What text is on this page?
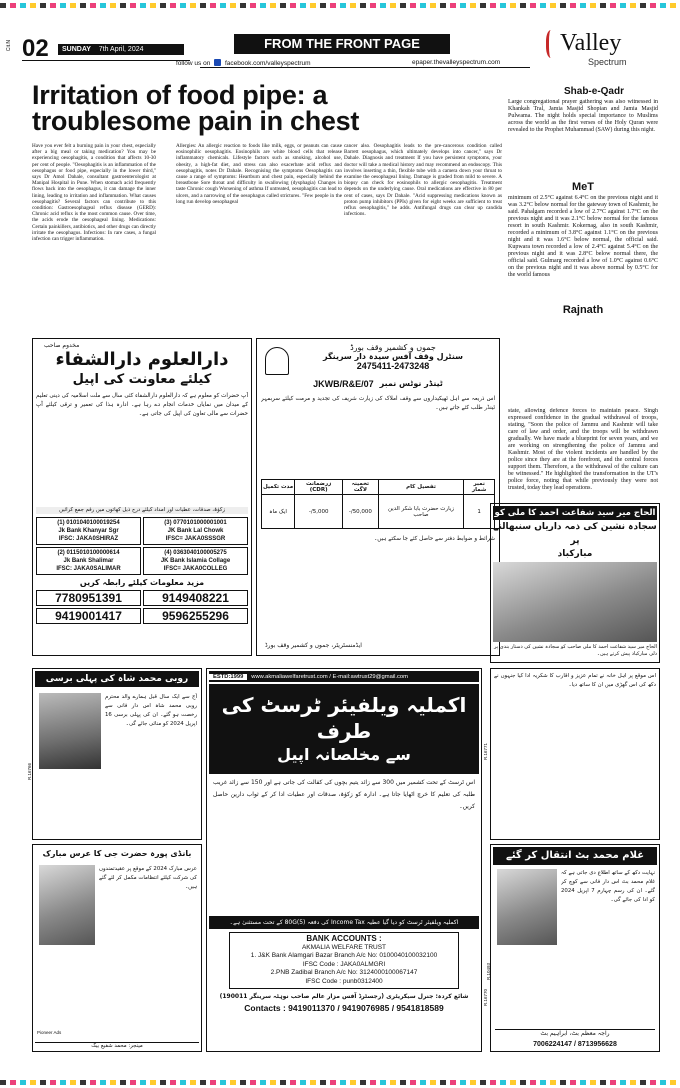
Cit.N 02	SUNDAY 7th April, 2024	FROM THE FRONT PAGE
follow us on facebook.com/valleyspectrum	epaper.thevalleyspectrum.com
Valley
Spectrum
Irritation of food pipe: a
troublesome pain in chest
Have you ever felt a burning pain in your chest, especially after a big meal or taking medication? You may be experiencing oesophagitis, a condition that affects 10-30 per cent of people. "Oesophagitis is an inflammation of the oesophagus or food pipe, especially in the lower third," says Dr Amol Dahale, consultant gastroenterologist at Manipal Hospital in Pune. When stomach acid frequently flows back into the oesophagus, it can damage the inner lining, leading to irritation and inflammation. What causes oesophagitis? Several factors can contribute to this condition: Gastroesophageal reflux disease (GERD): Chronic acid reflux is the most common cause. Over time, the acids erode the oesophageal lining. Medications: Certain painkillers, antibiotics, and other drugs can directly irritate the oesophagus. Infections: In rare cases, a fungal infection can trigger inflammation.
Allergies: An allergic reaction to foods like milk, eggs, or peanuts can cause eosinophilic oesophagitis. Eosinophils are white blood cells that release inflammatory chemicals. Lifestyle factors such as smoking, alcohol use, obesity, a high-fat diet, and stress can also exacerbate acid reflux and oesophagitis, notes Dr Dahale. Recognising the symptoms Oesophagitis can cause a range of symptoms: Heartburn and chest pain, especially behind the breastbone Sore throat and difficulty in swallowing (dysphagia) Changes in taste Chronic cough Worsening of asthma If untreated, oesophagitis can lead to ulcers, and a narrowing of the oesophagus called strictures. "Few people in the long run develop oesophageal
cancer also. Oesophagitis leads to the pre-cancerous condition called Barrett oesophagus, which ultimately develops into cancer," says Dr Dahale. Diagnosis and treatment If you have persistent symptoms, your doctor will take a medical history and may recommend an endoscopy. This involves inserting a thin, flexible tube with a camera down your throat to examine the oesophageal lining. Damage is graded from mild to severe. A biopsy can check for eosinophils to allergic oesophagitis. Treatment depends on the underlying cause. Oral medications are effective in 80 per cent of cases, says Dr Dahale. "Acid suppressing medications known as proton pump inhibitors (PPIs) given for eight weeks are sufficient to treat reflux oesophagitis," he adds. Antifungal drugs can clear up candida infections.
Shab-e-Qadr
Large congregational prayer gathering was also witnessed in Khankah Tral, Jamia Masjid Shopian and Jamia Masjid Pulwama. The night holds special importance to Muslims across the world as the first verses of the Holy Quran were revealed to the Prophet Muhammad (SAW) during this night.
MeT
minimum of 2.5°C against 6.4°C on the previous night and it was 3.2°C below normal for the gateway town of Kashmir, he said. Pahalgam recorded a low of 2.7°C against 1.7°C on the previous night and it was 2.1°C below normal for the famous resort in south Kashmir. Kokernag, also in south Kashmir, recorded a minimum of 3.8°C against 1.1°C on the previous night and it was 1.6°C below normal, the official said. Kupwara town recorded a low of 2.4°C against 5.4°C on the previous night and it was 2.8°C below normal there, the official said. Gulmarg recorded a low of 1.0°C against 0.6°C on the previous night and it was above normal by 0.5°C for the world famous
Rajnath
state, allowing defence forces to maintain peace. Singh expressed confidence in the gradual withdrawal of troops, stating, "Soon the police of Jammu and Kashmir will take care of law and order, and the troops will be withdrawn gradually. We have made a blueprint for seven years, and we are working on strengthening the police of Jammu and Kashmir. Most of the violent incidents are handled by the police since they are at the forefront, and the central forces support them. Therefore, a the withdrawal of the culture can be witnessed." He highlighted the transformation in the UT's police force, noting that while previously they were not trusted, today they lead operations.
مخدوم صاحب
دارالعلوم دارالشفاء
کیلئے معاونت کی اپیل
آپ حضرات کو معلوم ہے کہ دارالعلوم دارالشفاء کئی سال سے ملت اسلامیہ کی دینی تعلیم کے میدان میں نمایاں خدمات انجام دے رہا ہے۔ ادارہ ہذا کی تعمیر و ترقی کیلئے آپ حضرات سے مالی تعاون کی اپیل کی جاتی ہے۔
زکوٰۃ، صدقات، عطیات اور امداد کیلئے درج ذیل کھاتوں میں رقم جمع کرائیں
(1) 0101040100019254
Jk Bank Khanyar Sgr
IFSC: JAKA0SHIRAZ
(3) 0770101000001001
JK Bank Lal Chowk
IFSC= JAKA0SSSGR
(2) 0115010100000614
Jk Bank Shalimar
IFSC: JAKA0SALIMAR
(4) 0363040100005275
JK Bank Islamia Collage
IFSC= JAKA0COLLEG
مزید معلومات کیلئے رابطہ کریں
7780951391	9149408221
9419001417	9596255296
جموں و کشمیر وقف بورڈ
سنٹرل وقف آفس سیدہ دار سرینگر
2475411-2473248
JKWB/R&E/07 ٹینڈر نوٹس نمبر
اس ذریعہ سے اہل ٹھیکیداروں سے وقف املاک کی زیارت شریف کی تجدید و مرمت کیلئے سربمہر ٹینڈر طلب کئے جاتے ہیں۔
نمبر شمار	تفصیل کام	تخمینہ لاگت	زرضمانت (CDR)	مدت تکمیل
1	زیارت حضرت بابا شکر الدین صاحب	50,000/-	5,000/-	ایک ماہ
شرائط و ضوابط دفتر سے حاصل کئے جا سکتے ہیں۔
ایڈمنسٹریٹر، جموں و کشمیر وقف بورڈ
الحاج میر سید شفاعت احمد کا ملی کو
سجادہ نشین کی ذمہ داریاں سنبھالنے پر
مبارکباد
الحاج میر سید شفاعت احمد کا ملی صاحب کو سجادہ نشین کی دستار بندی پر دلی مبارکباد پیش کرتے ہیں۔
روبی محمد شاہ کی پہلی برسی
آج سے ایک سال قبل ہمارے والد محترم روبی محمد شاہ اس دار فانی سے رخصت ہو گئے۔ ان کی پہلی برسی 16 اپریل 2024 کو منائی جائے گی۔
R.16766
بانڈی پورہ حضرت جی کا عرس مبارک
عرس مبارک 2024 کے موقع پر عقیدتمندوں کی شرکت کیلئے انتظامات مکمل کر لئے گئے ہیں۔
Pioneer Ads
مینجر: محمد شفیع بیگ
ESTD:1999	www.akmaliawelfaretrust.com / E-mail:awtrust29@gmail.com
اکملیہ ویلفیئر ٹرسٹ کی طرف
سے مخلصانہ اپیل
اس ٹرسٹ کے تحت کشمیر میں 300 سے زائد یتیم بچوں کی کفالت کی جاتی ہے اور 150 سے زائد غریب طلبہ کی تعلیم کا خرچ اٹھایا جاتا ہے۔ ادارہ کو زکوٰۃ، صدقات اور عطیات ادا کر کے ثواب دارین حاصل کریں۔
اکملیہ ویلفیئر ٹرسٹ کو دیا گیا عطیہ Income Tax کی دفعہ 80G(5) کے تحت مستثنیٰ ہے۔
BANK ACCOUNTS :
AKMALIA WELFARE TRUST
1. J&K Bank Alamgari Bazar Branch A/c No: 0100040100032100
IFSC Code : JAKA0ALMGRI
2.PNB Zadibal Branch A/c No: 3124000100067147
IFSC Code : punb0312400
شائع کردہ: جنرل سیکریٹری (رجسٹرڈ آفس مزار عالم صاحب نوہٹہ سرینگر 190011)
Contacts : 9419011370 / 9419076985 / 9541818589
R.10493
اس موقع پر اہل خانہ نے تمام عزیز و اقارب کا شکریہ ادا کیا جنہوں نے دکھ کی اس گھڑی میں ان کا ساتھ دیا۔
R.16771
غلام محمد بٹ انتقال کر گئے
نہایت دکھ کے ساتھ اطلاع دی جاتی ہے کہ غلام محمد بٹ اس دار فانی سے کوچ کر گئے۔ ان کی رسم چہارم 7 اپریل 2024 کو ادا کی جائے گی۔
راجہ معظم بٹ، ابراہیم بٹ
7006224147 / 8713956628
R.16770
